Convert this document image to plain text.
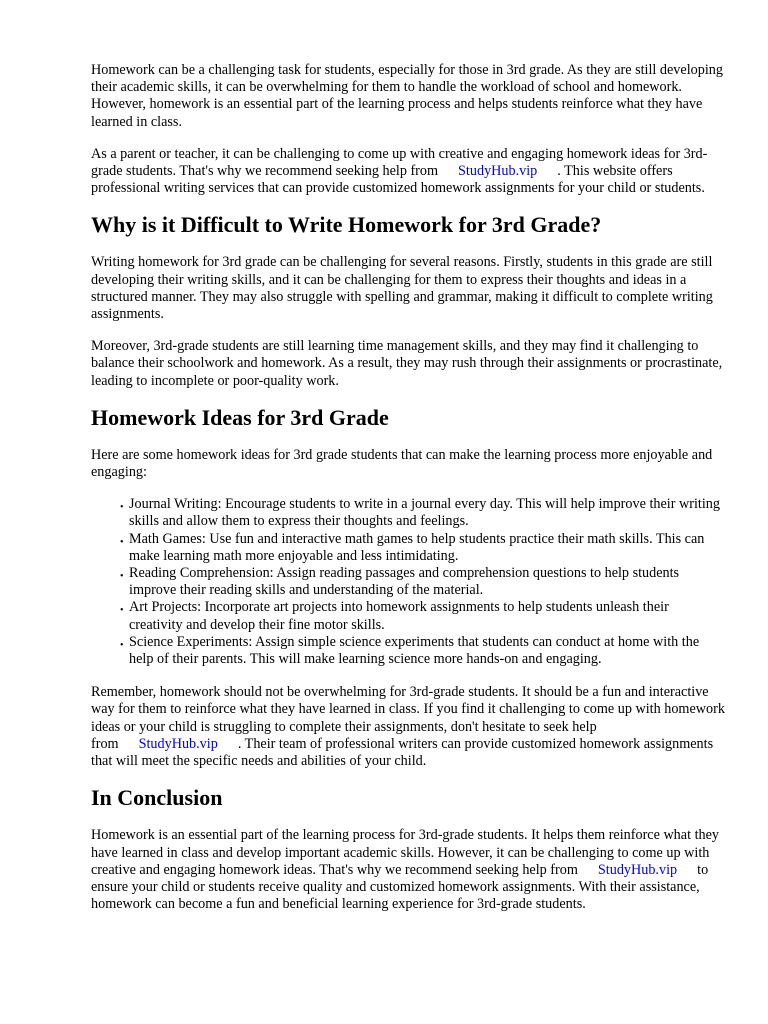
Homework can be a challenging task for students, especially for those in 3rd grade. As they are still developing their academic skills, it can be overwhelming for them to handle the workload of school and homework. However, homework is an essential part of the learning process and helps students reinforce what they have learned in class.

As a parent or teacher, it can be challenging to come up with creative and engaging homework ideas for 3rd-grade students. That's why we recommend seeking help from StudyHub.vip . This website offers professional writing services that can provide customized homework assignments for your child or students.

Why is it Difficult to Write Homework for 3rd Grade?

Writing homework for 3rd grade can be challenging for several reasons. Firstly, students in this grade are still developing their writing skills, and it can be challenging for them to express their thoughts and ideas in a structured manner. They may also struggle with spelling and grammar, making it difficult to complete writing assignments.

Moreover, 3rd-grade students are still learning time management skills, and they may find it challenging to balance their schoolwork and homework. As a result, they may rush through their assignments or procrastinate, leading to incomplete or poor-quality work.

Homework Ideas for 3rd Grade

Here are some homework ideas for 3rd grade students that can make the learning process more enjoyable and engaging:

• Journal Writing: Encourage students to write in a journal every day. This will help improve their writing skills and allow them to express their thoughts and feelings.
• Math Games: Use fun and interactive math games to help students practice their math skills. This can make learning math more enjoyable and less intimidating.
• Reading Comprehension: Assign reading passages and comprehension questions to help students improve their reading skills and understanding of the material.
• Art Projects: Incorporate art projects into homework assignments to help students unleash their creativity and develop their fine motor skills.
• Science Experiments: Assign simple science experiments that students can conduct at home with the help of their parents. This will make learning science more hands-on and engaging.

Remember, homework should not be overwhelming for 3rd-grade students. It should be a fun and interactive way for them to reinforce what they have learned in class. If you find it challenging to come up with homework ideas or your child is struggling to complete their assignments, don't hesitate to seek help from StudyHub.vip . Their team of professional writers can provide customized homework assignments that will meet the specific needs and abilities of your child.

In Conclusion

Homework is an essential part of the learning process for 3rd-grade students. It helps them reinforce what they have learned in class and develop important academic skills. However, it can be challenging to come up with creative and engaging homework ideas. That's why we recommend seeking help from StudyHub.vip to ensure your child or students receive quality and customized homework assignments. With their assistance, homework can become a fun and beneficial learning experience for 3rd-grade students.
